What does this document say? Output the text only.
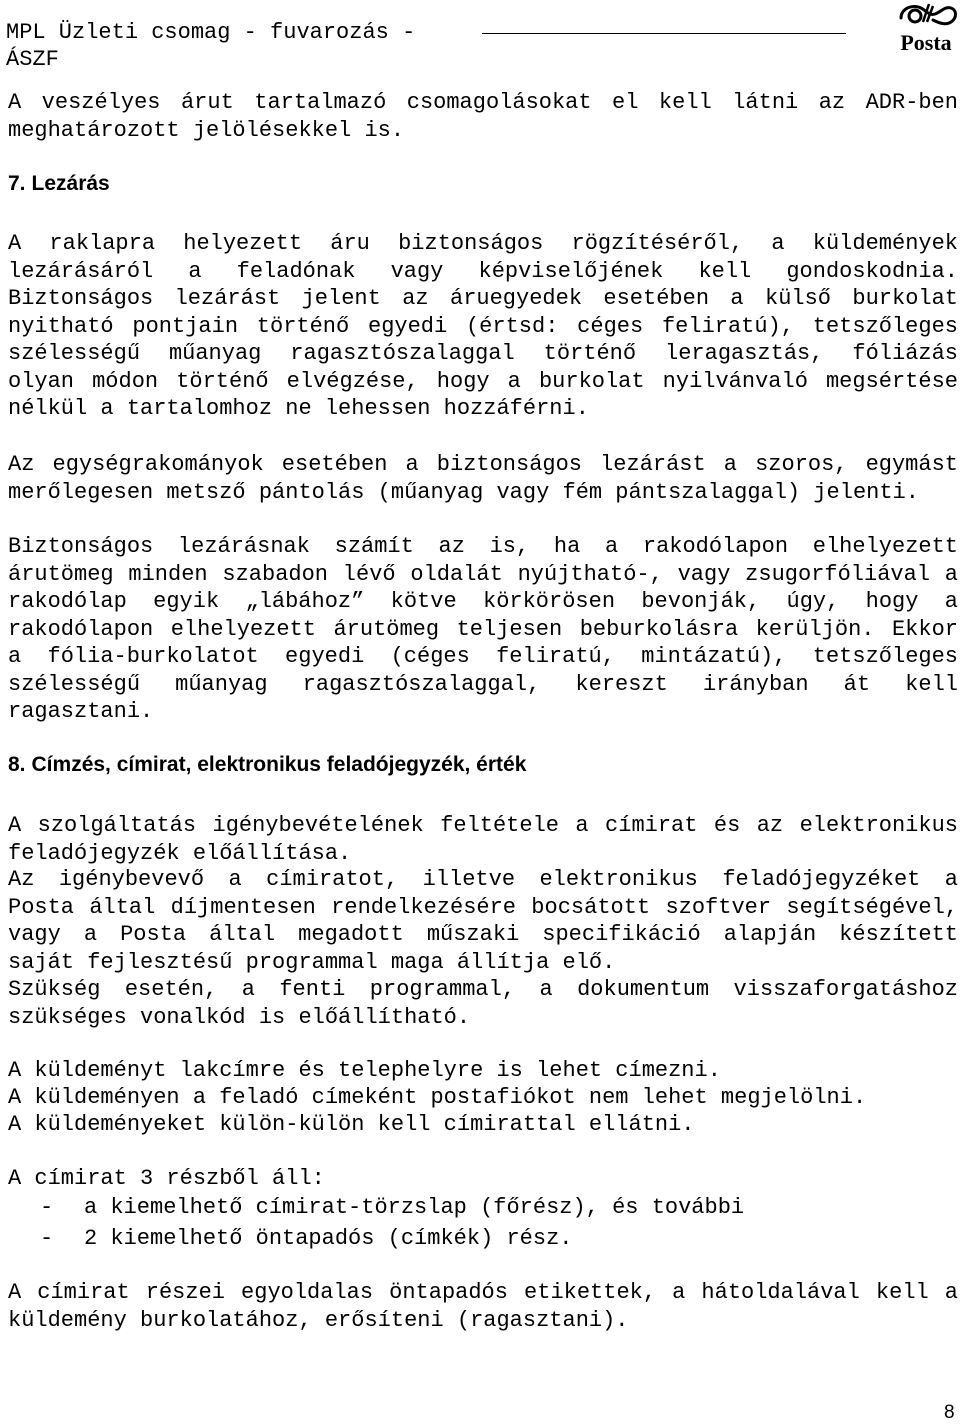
MPL Üzleti csomag - fuvarozás - ÁSZF
Posta

A veszélyes árut tartalmazó csomagolásokat el kell látni az ADR-ben meghatározott jelölésekkel is.

7. Lezárás

A raklapra helyezett áru biztonságos rögzítéséről, a küldemények lezárásáról a feladónak vagy képviselőjének kell gondoskodnia. Biztonságos lezárást jelent az áruegyedek esetében a külső burkolat nyitható pontjain történő egyedi (értsd: céges feliratú), tetszőleges szélességű műanyag ragasztószalaggal történő leragasztás, fóliázás olyan módon történő elvégzése, hogy a burkolat nyilvánvaló megsértése nélkül a tartalomhoz ne lehessen hozzáférni.

Az egységrakományok esetében a biztonságos lezárást a szoros, egymást merőlegesen metsző pántolás (műanyag vagy fém pántszalaggal) jelenti.

Biztonságos lezárásnak számít az is, ha a rakodólapon elhelyezett árutömeg minden szabadon lévő oldalát nyújtható-, vagy zsugorfóliával a rakodólap egyik „lábához” kötve körkörösen bevonják, úgy, hogy a rakodólapon elhelyezett árutömeg teljesen beburkolásra kerüljön. Ekkor a fólia-burkolatot egyedi (céges feliratú, mintázatú), tetszőleges szélességű műanyag ragasztószalaggal, kereszt irányban át kell ragasztani.

8. Címzés, címirat, elektronikus feladójegyzék, érték

A szolgáltatás igénybevételének feltétele a címirat és az elektronikus feladójegyzék előállítása.

Az igénybevevő a címiratot, illetve elektronikus feladójegyzéket a Posta által díjmentesen rendelkezésére bocsátott szoftver segítségével, vagy a Posta által megadott műszaki specifikáció alapján készített saját fejlesztésű programmal maga állítja elő.

Szükség esetén, a fenti programmal, a dokumentum visszaforgatáshoz szükséges vonalkód is előállítható.

A küldeményt lakcímre és telephelyre is lehet címezni.

A küldeményen a feladó címeként postafiókot nem lehet megjelölni.

A küldeményeket külön-külön kell címirattal ellátni.

A címirat 3 részből áll:

- a kiemelhető címirat-törzslap (főrész), és további
- 2 kiemelhető öntapadós (címkék) rész.

A címirat részei egyoldalas öntapadós etikettek, a hátoldalával kell a küldemény burkolatához, erősíteni (ragasztani).

8
